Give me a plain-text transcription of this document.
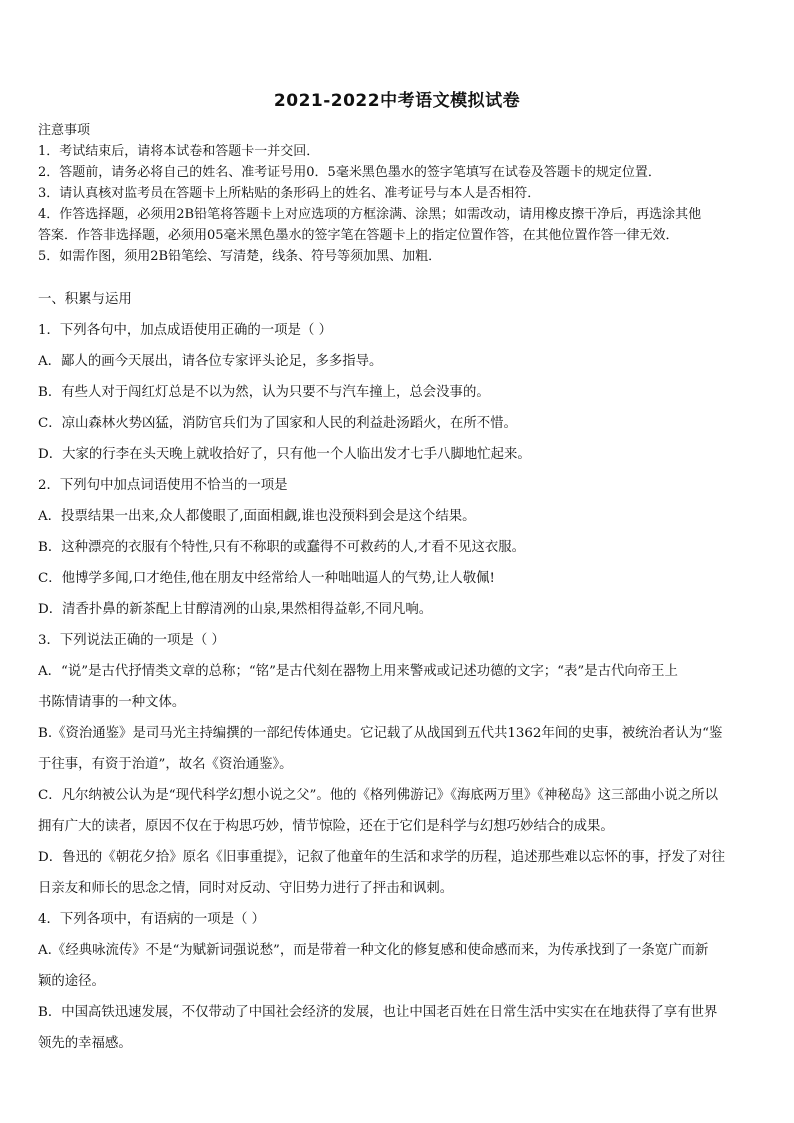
2021-2022中考语文模拟试卷
注意事项
1．考试结束后，请将本试卷和答题卡一并交回．
2．答题前，请务必将自己的姓名、准考证号用0．5毫米黑色墨水的签字笔填写在试卷及答题卡的规定位置．
3．请认真核对监考员在答题卡上所粘贴的条形码上的姓名、准考证号与本人是否相符．
4．作答选择题，必须用2B铅笔将答题卡上对应选项的方框涂满、涂黑；如需改动，请用橡皮擦干净后，再选涂其他
答案．作答非选择题，必须用05毫米黑色墨水的签字笔在答题卡上的指定位置作答，在其他位置作答一律无效．
5．如需作图，须用2B铅笔绘、写清楚，线条、符号等须加黑、加粗．
一、积累与运用
1．下列各句中，加点成语使用正确的一项是（ ）
A．鄙人的画今天展出，请各位专家评头论足，多多指导。
B．有些人对于闯红灯总是不以为然，认为只要不与汽车撞上，总会没事的。
C．凉山森林火势凶猛，消防官兵们为了国家和人民的利益赴汤蹈火，在所不惜。
D．大家的行李在头天晚上就收拾好了，只有他一个人临出发才七手八脚地忙起来。
2．下列句中加点词语使用不恰当的一项是
A．投票结果一出来,众人都傻眼了,面面相觑,谁也没预料到会是这个结果。
B．这种漂亮的衣服有个特性,只有不称职的或蠢得不可救药的人,才看不见这衣服。
C．他博学多闻,口才绝佳,他在朋友中经常给人一种咄咄逼人的气势,让人敬佩!
D．清香扑鼻的新茶配上甘醇清冽的山泉,果然相得益彰,不同凡响。
3．下列说法正确的一项是（ ）
A．“说”是古代抒情类文章的总称；“铭”是古代刻在器物上用来警戒或记述功德的文字；“表”是古代向帝王上
书陈情请事的一种文体。
B.《资治通鉴》是司马光主持编撰的一部纪传体通史。它记载了从战国到五代共1362年间的史事，被统治者认为“鉴
于往事，有资于治道”，故名《资治通鉴》。
C．凡尔纳被公认为是“现代科学幻想小说之父”。他的《格列佛游记》《海底两万里》《神秘岛》这三部曲小说之所以
拥有广大的读者，原因不仅在于构思巧妙，情节惊险，还在于它们是科学与幻想巧妙结合的成果。
D．鲁迅的《朝花夕拾》原名《旧事重提》，记叙了他童年的生活和求学的历程，追述那些难以忘怀的事，抒发了对往
日亲友和师长的思念之情，同时对反动、守旧势力进行了抨击和讽刺。
4．下列各项中，有语病的一项是（ ）
A.《经典咏流传》不是“为赋新词强说愁”，而是带着一种文化的修复感和使命感而来，为传承找到了一条宽广而新
颖的途径。
B．中国高铁迅速发展，不仅带动了中国社会经济的发展，也让中国老百姓在日常生活中实实在在地获得了享有世界
领先的幸福感。
